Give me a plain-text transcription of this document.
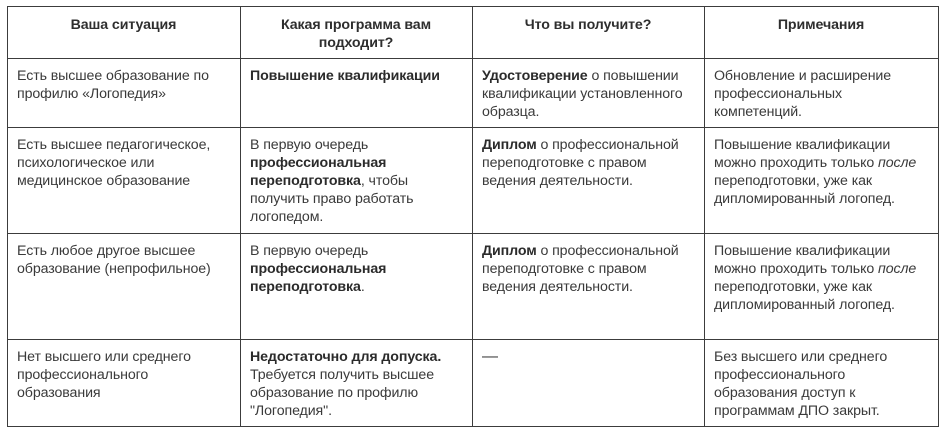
Ваша ситуация	Какая программа вам подходит?	Что вы получите?	Примечания
Есть высшее образование по профилю «Логопедия»	Повышение квалификации	Удостоверение о повышении квалификации установленного образца.	Обновление и расширение профессиональных компетенций.
Есть высшее педагогическое, психологическое или медицинское образование	В первую очередь профессиональная переподготовка, чтобы получить право работать логопедом.	Диплом о профессиональной переподготовке с правом ведения деятельности.	Повышение квалификации можно проходить только после переподготовки, уже как дипломированный логопед.
Есть любое другое высшее образование (непрофильное)	В первую очередь профессиональная переподготовка.	Диплом о профессиональной переподготовке с правом ведения деятельности.	Повышение квалификации можно проходить только после переподготовки, уже как дипломированный логопед.
Нет высшего или среднего профессионального образования	Недостаточно для допуска. Требуется получить высшее образование по профилю "Логопедия".	—	Без высшего или среднего профессионального образования доступ к программам ДПО закрыт.
